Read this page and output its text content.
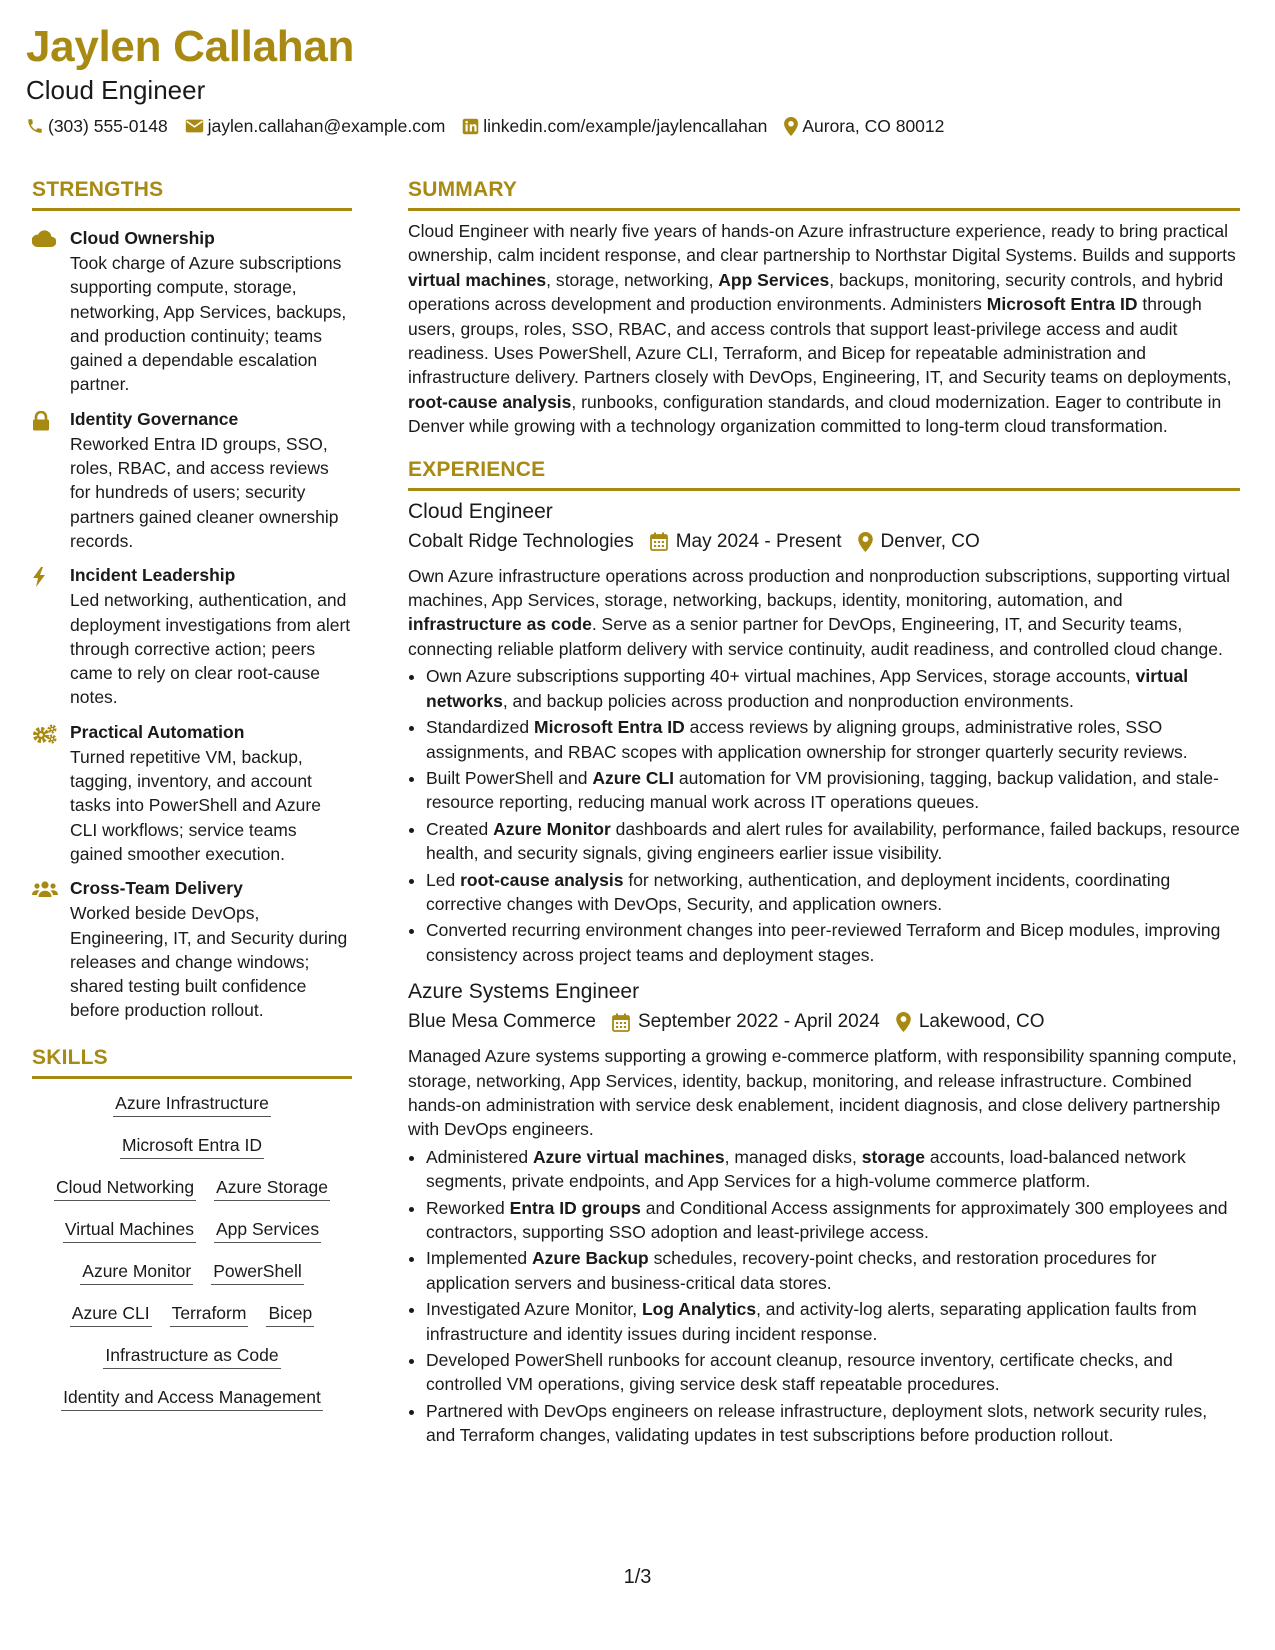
Jaylen Callahan
Cloud Engineer
(303) 555-0148 jaylen.callahan@example.com linkedin.com/example/jaylencallahan Aurora, CO 80012
STRENGTHS
Cloud Ownership
Took charge of Azure subscriptions supporting compute, storage, networking, App Services, backups, and production continuity; teams gained a dependable escalation partner.
Identity Governance
Reworked Entra ID groups, SSO, roles, RBAC, and access reviews for hundreds of users; security partners gained cleaner ownership records.
Incident Leadership
Led networking, authentication, and deployment investigations from alert through corrective action; peers came to rely on clear root-cause notes.
Practical Automation
Turned repetitive VM, backup, tagging, inventory, and account tasks into PowerShell and Azure CLI workflows; service teams gained smoother execution.
Cross-Team Delivery
Worked beside DevOps, Engineering, IT, and Security during releases and change windows; shared testing built confidence before production rollout.
SKILLS
Azure Infrastructure
Microsoft Entra ID
Cloud Networking Azure Storage
Virtual Machines App Services
Azure Monitor PowerShell
Azure CLI Terraform Bicep
Infrastructure as Code
Identity and Access Management
SUMMARY
Cloud Engineer with nearly five years of hands-on Azure infrastructure experience, ready to bring practical ownership, calm incident response, and clear partnership to Northstar Digital Systems. Builds and supports virtual machines, storage, networking, App Services, backups, monitoring, security controls, and hybrid operations across development and production environments. Administers Microsoft Entra ID through users, groups, roles, SSO, RBAC, and access controls that support least-privilege access and audit readiness. Uses PowerShell, Azure CLI, Terraform, and Bicep for repeatable administration and infrastructure delivery. Partners closely with DevOps, Engineering, IT, and Security teams on deployments, root-cause analysis, runbooks, configuration standards, and cloud modernization. Eager to contribute in Denver while growing with a technology organization committed to long-term cloud transformation.
EXPERIENCE
Cloud Engineer
Cobalt Ridge Technologies May 2024 - Present Denver, CO
Own Azure infrastructure operations across production and nonproduction subscriptions, supporting virtual machines, App Services, storage, networking, backups, identity, monitoring, automation, and infrastructure as code. Serve as a senior partner for DevOps, Engineering, IT, and Security teams, connecting reliable platform delivery with service continuity, audit readiness, and controlled cloud change.
• Own Azure subscriptions supporting 40+ virtual machines, App Services, storage accounts, virtual networks, and backup policies across production and nonproduction environments.
• Standardized Microsoft Entra ID access reviews by aligning groups, administrative roles, SSO assignments, and RBAC scopes with application ownership for stronger quarterly security reviews.
• Built PowerShell and Azure CLI automation for VM provisioning, tagging, backup validation, and stale-resource reporting, reducing manual work across IT operations queues.
• Created Azure Monitor dashboards and alert rules for availability, performance, failed backups, resource health, and security signals, giving engineers earlier issue visibility.
• Led root-cause analysis for networking, authentication, and deployment incidents, coordinating corrective changes with DevOps, Security, and application owners.
• Converted recurring environment changes into peer-reviewed Terraform and Bicep modules, improving consistency across project teams and deployment stages.
Azure Systems Engineer
Blue Mesa Commerce September 2022 - April 2024 Lakewood, CO
Managed Azure systems supporting a growing e-commerce platform, with responsibility spanning compute, storage, networking, App Services, identity, backup, monitoring, and release infrastructure. Combined hands-on administration with service desk enablement, incident diagnosis, and close delivery partnership with DevOps engineers.
• Administered Azure virtual machines, managed disks, storage accounts, load-balanced network segments, private endpoints, and App Services for a high-volume commerce platform.
• Reworked Entra ID groups and Conditional Access assignments for approximately 300 employees and contractors, supporting SSO adoption and least-privilege access.
• Implemented Azure Backup schedules, recovery-point checks, and restoration procedures for application servers and business-critical data stores.
• Investigated Azure Monitor, Log Analytics, and activity-log alerts, separating application faults from infrastructure and identity issues during incident response.
• Developed PowerShell runbooks for account cleanup, resource inventory, certificate checks, and controlled VM operations, giving service desk staff repeatable procedures.
• Partnered with DevOps engineers on release infrastructure, deployment slots, network security rules, and Terraform changes, validating updates in test subscriptions before production rollout.
1/3
